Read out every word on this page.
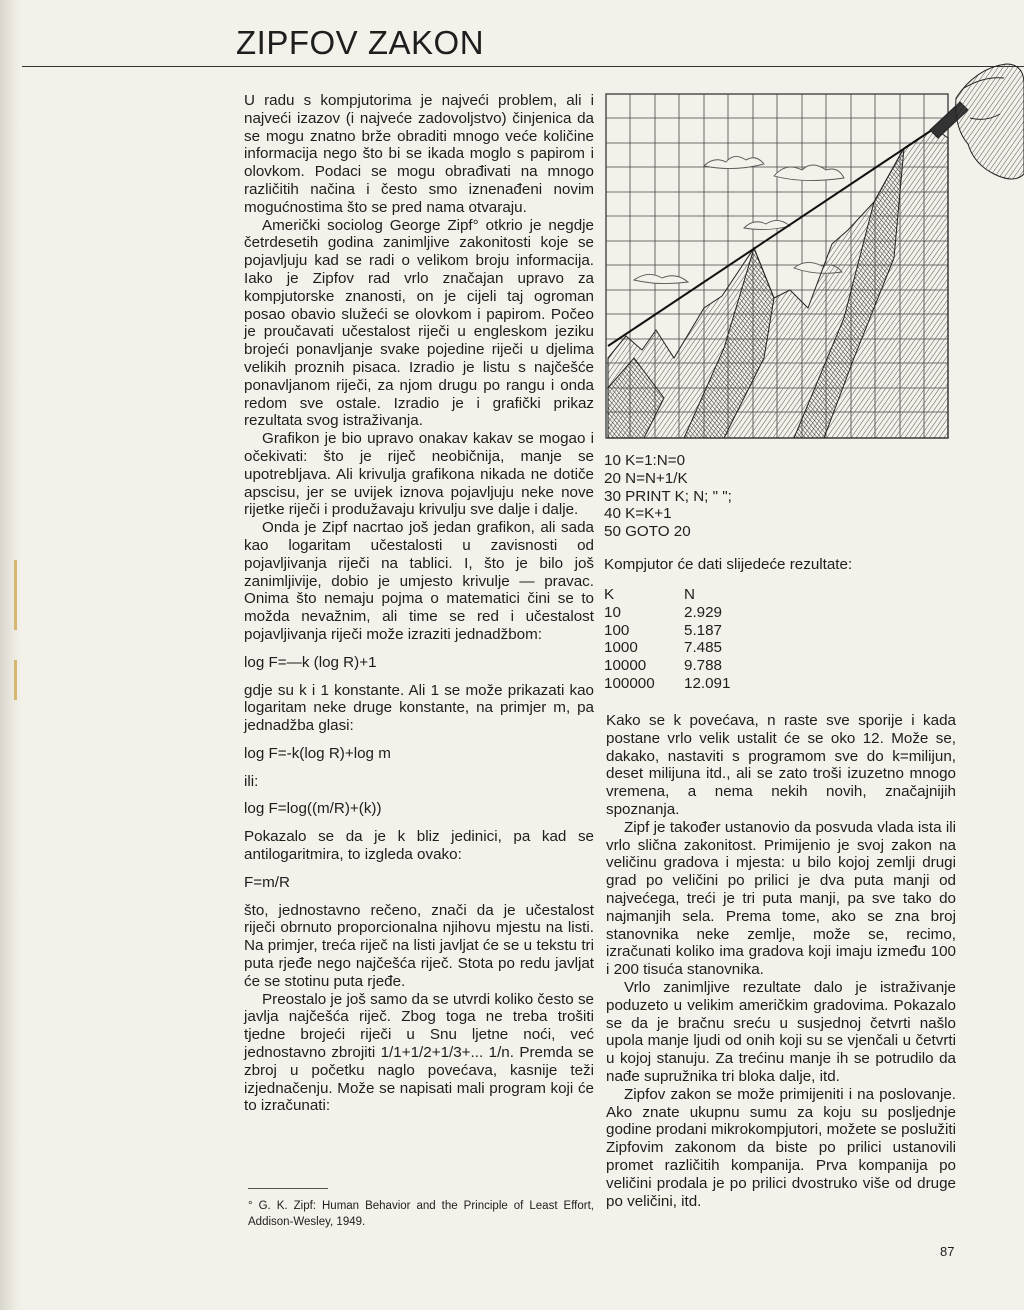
ZIPFOV ZAKON

U radu s kompjutorima je najveći problem, ali i najveći izazov (i najveće zadovoljstvo) činjenica da se mogu znatno brže obraditi mnogo veće količine informacija nego što bi se ikada moglo s papirom i olovkom. Podaci se mogu obrađivati na mnogo različitih načina i često smo iznenađeni novim mogućnostima što se pred nama otvaraju.

Američki sociolog George Zipf° otkrio je negdje četrdesetih godina zanimljive zakonitosti koje se pojavljuju kad se radi o velikom broju informacija. Iako je Zipfov rad vrlo značajan upravo za kompjutorske znanosti, on je cijeli taj ogroman posao obavio služeći se olovkom i papirom. Počeo je proučavati učestalost riječi u engleskom jeziku brojeći ponavljanje svake pojedine riječi u djelima velikih proznih pisaca. Izradio je listu s najčešće ponavljanom riječi, za njom drugu po rangu i onda redom sve ostale. Izradio je i grafički prikaz rezultata svog istraživanja.

Grafikon je bio upravo onakav kakav se mogao i očekivati: što je riječ neobičnija, manje se upotrebljava. Ali krivulja grafikona nikada ne dotiče apscisu, jer se uvijek iznova pojavljuju neke nove rijetke riječi i produžavaju krivulju sve dalje i dalje.

Onda je Zipf nacrtao još jedan grafikon, ali sada kao logaritam učestalosti u zavisnosti od pojavljivanja riječi na tablici. I, što je bilo još zanimljivije, dobio je umjesto krivulje — pravac. Onima što nemaju pojma o matematici čini se to možda nevažnim, ali time se red i učestalost pojavljivanja riječi može izraziti jednadžbom:

log F=—k (log R)+1

gdje su k i 1 konstante. Ali 1 se može prikazati kao logaritam neke druge konstante, na primjer m, pa jednadžba glasi:

log F=-k(log R)+log m

ili:

log F=log((m/R)+(k))

Pokazalo se da je k bliz jedinici, pa kad se antilogaritmira, to izgleda ovako:

F=m/R

što, jednostavno rečeno, znači da je učestalost riječi obrnuto proporcionalna njihovu mjestu na listi. Na primjer, treća riječ na listi javljat će se u tekstu tri puta rjeđe nego najčešća riječ. Stota po redu javljat će se stotinu puta rjeđe.

Preostalo je još samo da se utvrdi koliko često se javlja najčešća riječ. Zbog toga ne treba trošiti tjedne brojeći riječi u Snu ljetne noći, već jednostavno zbrojiti 1/1+1/2+1/3+... 1/n. Premda se zbroj u početku naglo povećava, kasnije teži izjednačenju. Može se napisati mali program koji će to izračunati:

° G. K. Zipf: Human Behavior and the Principle of Least Effort, Addison-Wesley, 1949.
10 K=1:N=0
20 N=N+1/K
30 PRINT K; N; " ";
40 K=K+1
50 GOTO 20
Kompjutor će dati slijedeće rezultate:
K	N
10	2.929
100	5.187
1000	7.485
10000	9.788
100000	12.091

Kako se k povećava, n raste sve sporije i kada postane vrlo velik ustalit će se oko 12. Može se, dakako, nastaviti s programom sve do k=milijun, deset milijuna itd., ali se zato troši izuzetno mnogo vremena, a nema nekih novih, značajnijih spoznanja.

Zipf je također ustanovio da posvuda vlada ista ili vrlo slična zakonitost. Primijenio je svoj zakon na veličinu gradova i mjesta: u bilo kojoj zemlji drugi grad po veličini po prilici je dva puta manji od najvećega, treći je tri puta manji, pa sve tako do najmanjih sela. Prema tome, ako se zna broj stanovnika neke zemlje, može se, recimo, izračunati koliko ima gradova koji imaju između 100 i 200 tisuća stanovnika.

Vrlo zanimljive rezultate dalo je istraživanje poduzeto u velikim američkim gradovima. Pokazalo se da je bračnu sreću u susjednoj četvrti našlo upola manje ljudi od onih koji su se vjenčali u četvrti u kojoj stanuju. Za trećinu manje ih se potrudilo da nađe supružnika tri bloka dalje, itd.

Zipfov zakon se može primijeniti i na poslovanje. Ako znate ukupnu sumu za koju su posljednje godine prodani mikrokompjutori, možete se poslužiti Zipfovim zakonom da biste po prilici ustanovili promet različitih kompanija. Prva kompanija po veličini prodala je po prilici dvostruko više od druge po veličini, itd.

87
